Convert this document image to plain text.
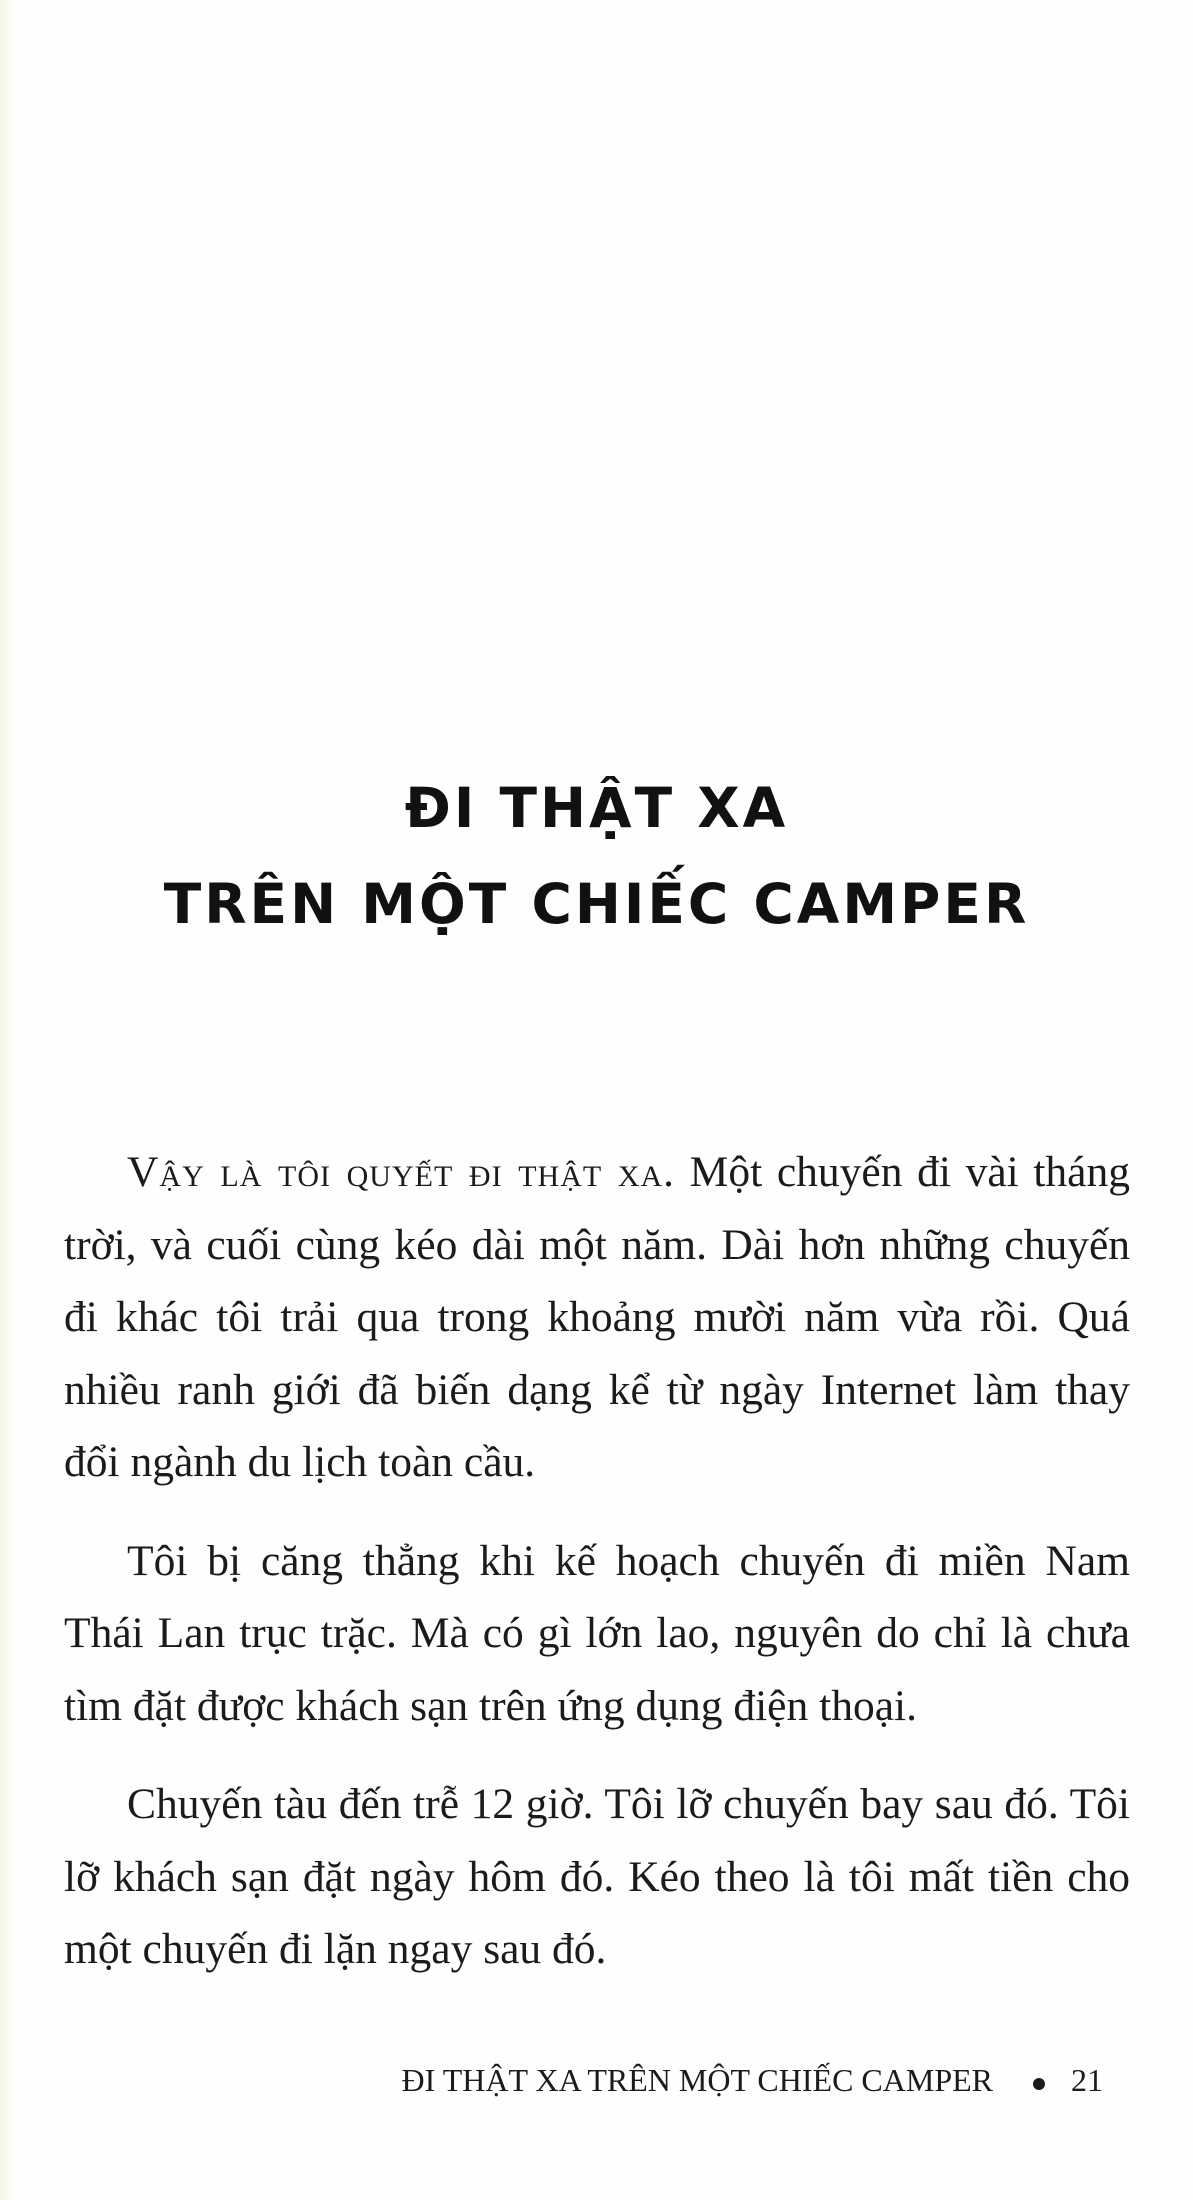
ĐI THẬT XA
TRÊN MỘT CHIẾC CAMPER

Vậy là tôi quyết đi thật xa. Một chuyến đi vài tháng trời, và cuối cùng kéo dài một năm. Dài hơn những chuyến đi khác tôi trải qua trong khoảng mười năm vừa rồi. Quá nhiều ranh giới đã biến dạng kể từ ngày Internet làm thay đổi ngành du lịch toàn cầu.

Tôi bị căng thẳng khi kế hoạch chuyến đi miền Nam Thái Lan trục trặc. Mà có gì lớn lao, nguyên do chỉ là chưa tìm đặt được khách sạn trên ứng dụng điện thoại.

Chuyến tàu đến trễ 12 giờ. Tôi lỡ chuyến bay sau đó. Tôi lỡ khách sạn đặt ngày hôm đó. Kéo theo là tôi mất tiền cho một chuyến đi lặn ngay sau đó.

ĐI THẬT XA TRÊN MỘT CHIẾC CAMPER 21
